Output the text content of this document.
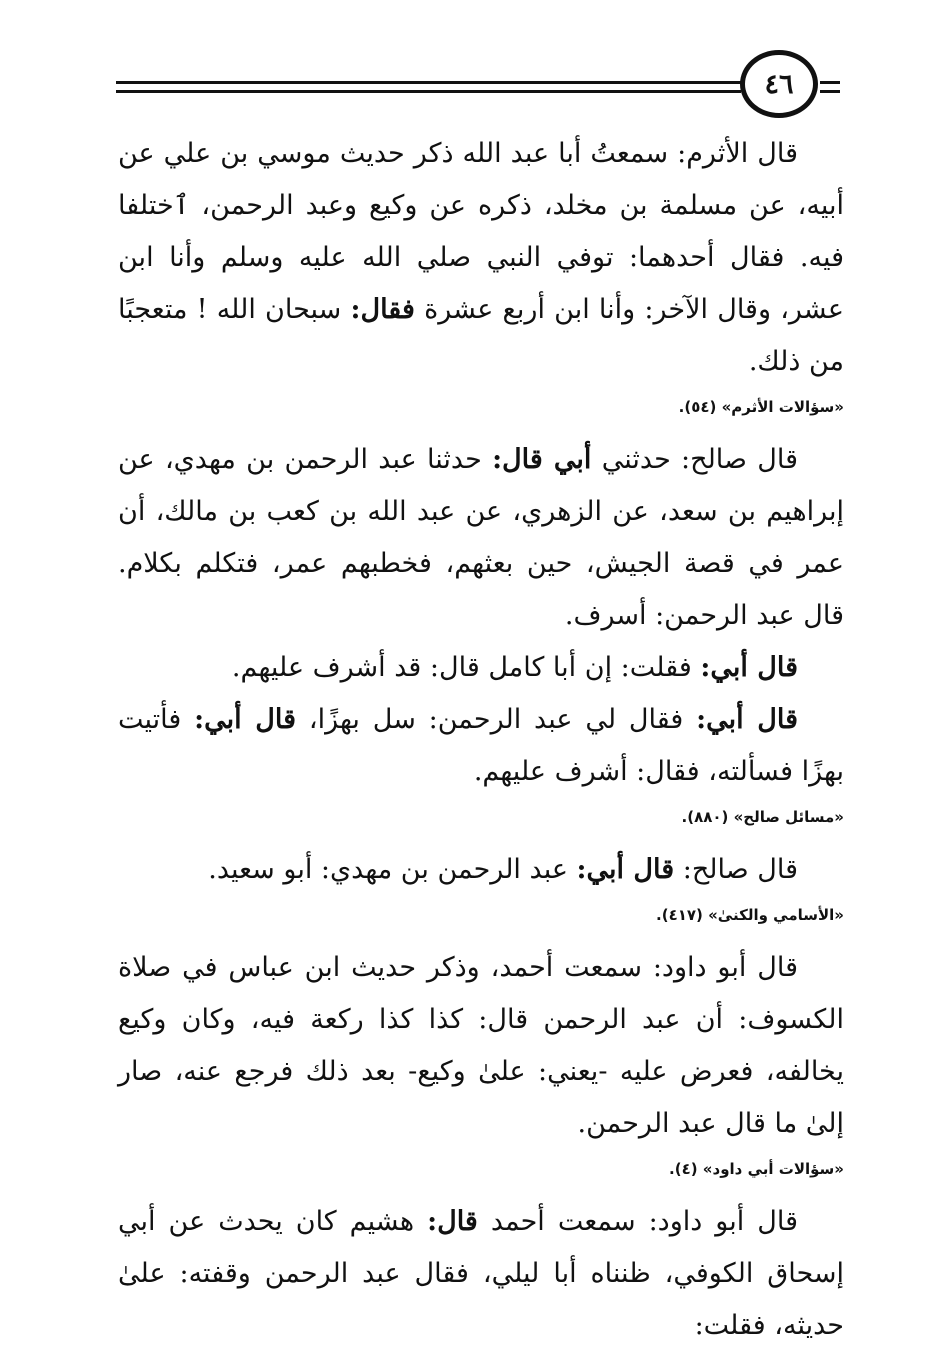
٤٦

قال الأثرم: سمعتُ أبا عبد الله ذكر حديث موسي بن علي عن أبيه، عن مسلمة بن مخلد، ذكره عن وكيع وعبد الرحمن، ٱختلفا فيه. فقال أحدهما: توفي النبي صلي الله عليه وسلم وأنا ابن عشر، وقال الآخر: وأنا ابن أربع عشرة فقال: سبحان الله ! متعجبًا من ذلك.

«سؤالات الأثرم» (٥٤).

قال صالح: حدثني أبي قال: حدثنا عبد الرحمن بن مهدي، عن إبراهيم بن سعد، عن الزهري، عن عبد الله بن كعب بن مالك، أن عمر في قصة الجيش، حين بعثهم، فخطبهم عمر، فتكلم بكلام. قال عبد الرحمن: أسرف.

قال أبي: فقلت: إن أبا كامل قال: قد أشرف عليهم.

قال أبي: فقال لي عبد الرحمن: سل بهزًا، قال أبي: فأتيت بهزًا فسألته، فقال: أشرف عليهم.

«مسائل صالح» (٨٨٠).

قال صالح: قال أبي: عبد الرحمن بن مهدي: أبو سعيد.

«الأسامي والكنىٰ» (٤١٧).

قال أبو داود: سمعت أحمد، وذكر حديث ابن عباس في صلاة الكسوف: أن عبد الرحمن قال: كذا كذا ركعة فيه، وكان وكيع يخالفه، فعرض عليه -يعني: علىٰ وكيع- بعد ذلك فرجع عنه، صار إلىٰ ما قال عبد الرحمن.

«سؤالات أبي داود» (٤).

قال أبو داود: سمعت أحمد قال: هشيم كان يحدث عن أبي إسحاق الكوفي، ظنناه أبا ليلي، فقال عبد الرحمن وقفته: علىٰ حديثه، فقلت:
